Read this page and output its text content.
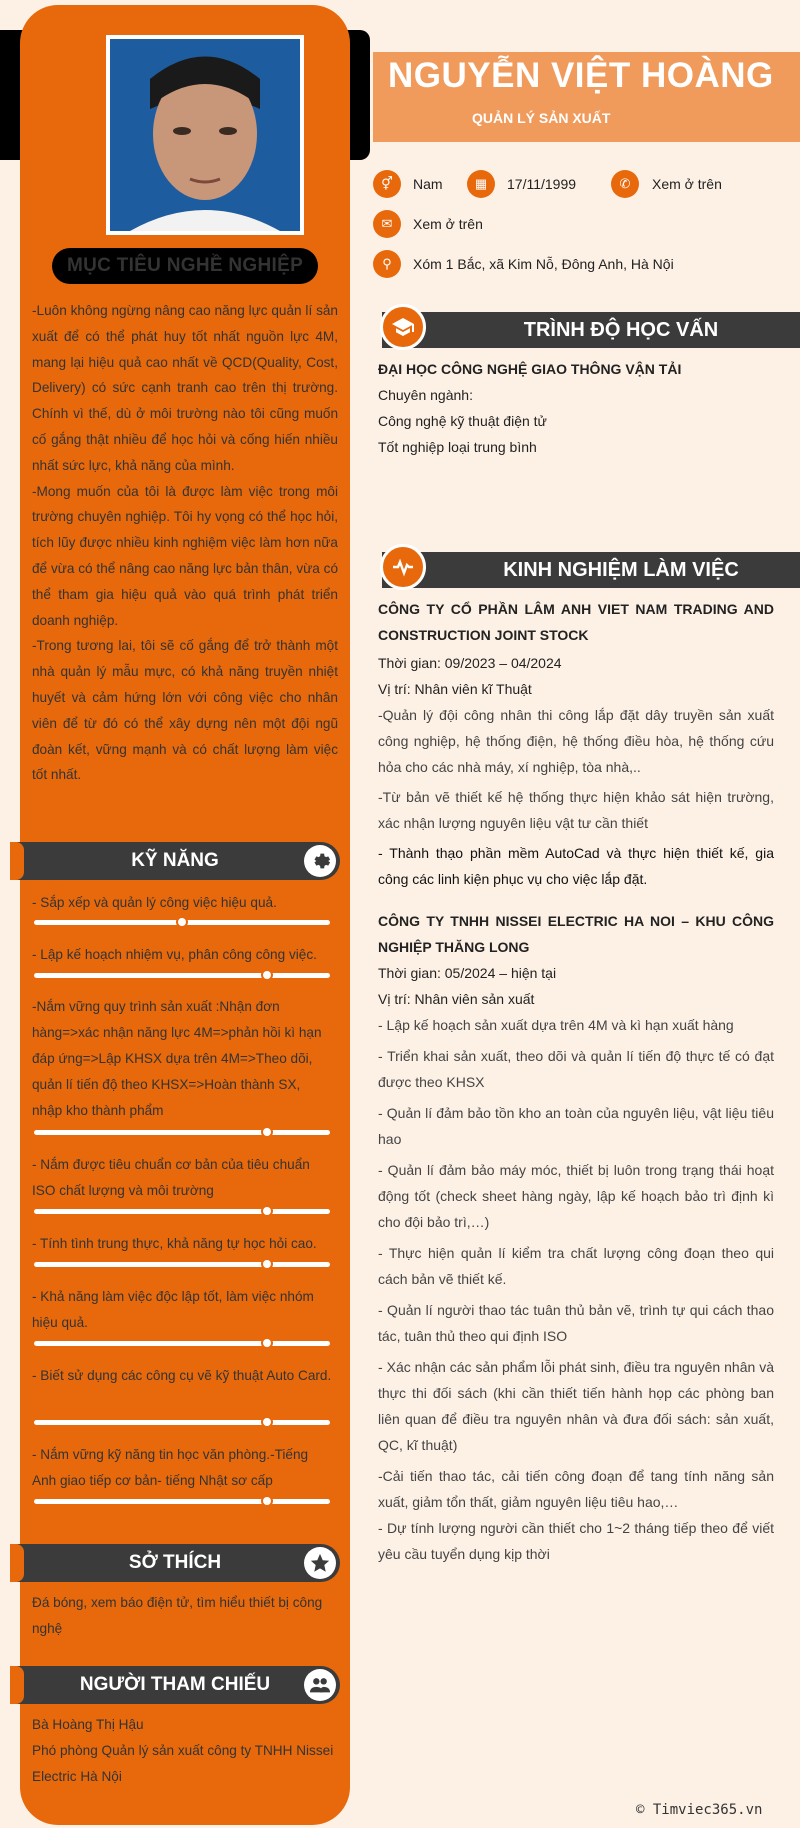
MỤC TIÊU NGHỀ NGHIỆP

-Luôn không ngừng nâng cao năng lực quản lí sản xuất để có thể phát huy tốt nhất nguồn lực 4M, mang lại hiệu quả cao nhất về QCD(Quality, Cost, Delivery) có sức cạnh tranh cao trên thị trường. Chính vì thế, dù ở môi trường nào tôi cũng muốn cố gắng thật nhiều để học hỏi và cống hiến nhiều nhất sức lực, khả năng của mình.

-Mong muốn của tôi là được làm việc trong môi trường chuyên nghiệp. Tôi hy vọng có thể học hỏi, tích lũy được nhiều kinh nghiệm việc làm hơn nữa để vừa có thể nâng cao năng lực bản thân, vừa có thể tham gia hiệu quả vào quá trình phát triển doanh nghiệp.

-Trong tương lai, tôi sẽ cố gắng để trở thành một nhà quản lý mẫu mực, có khả năng truyền nhiệt huyết và cảm hứng lớn với công việc cho nhân viên để từ đó có thể xây dựng nên một đội ngũ đoàn kết, vững mạnh và có chất lượng làm việc tốt nhất.

KỸ NĂNG
- Sắp xếp và quản lý công việc hiệu quả.
- Lập kế hoạch nhiệm vụ, phân công công việc.
-Nắm vững quy trình sản xuất :Nhận đơn hàng=>xác nhận năng lực 4M=>phản hồi kì hạn đáp ứng=>Lập KHSX dựa trên 4M=>Theo dõi, quản lí tiến độ theo KHSX=>Hoàn thành SX, nhập kho thành phẩm
- Nắm được tiêu chuẩn cơ bản của tiêu chuẩn ISO chất lượng và môi trường
- Tính tình trung thực, khả năng tự học hỏi cao.
- Khả năng làm việc độc lập tốt, làm việc nhóm hiệu quả.
- Biết sử dụng các công cụ vẽ kỹ thuật Auto Card.
- Nắm vững kỹ năng tin học văn phòng.-Tiếng Anh giao tiếp cơ bản- tiếng Nhật sơ cấp
SỞ THÍCH
Đá bóng, xem báo điện tử, tìm hiểu thiết bị công nghệ
NGƯỜI THAM CHIẾU
Bà Hoàng Thị Hậu
Phó phòng Quản lý sản xuất công ty TNHH Nissei Electric Hà Nội
NGUYỄN VIỆT HOÀNG
QUẢN LÝ SẢN XUẤT
⚥	Nam	▦	17/11/1999	✆	Xem ở trên
✉	Xem ở trên
⚲	Xóm 1 Bắc, xã Kim Nỗ, Đông Anh, Hà Nội
TRÌNH ĐỘ HỌC VẤN

ĐẠI HỌC CÔNG NGHỆ GIAO THÔNG VẬN TẢI

Chuyên ngành:

Công nghệ kỹ thuật điện tử

Tốt nghiệp loại trung bình

KINH NGHIỆM LÀM VIỆC

CÔNG TY CỔ PHẦN LÂM ANH VIET NAM TRADING AND CONSTRUCTION JOINT STOCK

Thời gian: 09/2023 – 04/2024

Vị trí: Nhân viên kĩ Thuật

-Quản lý đội công nhân thi công lắp đặt dây truyền sản xuất công nghiệp, hệ thống điện, hệ thống điều hòa, hệ thống cứu hỏa cho các nhà máy, xí nghiệp, tòa nhà,..

-Từ bản vẽ thiết kế hệ thống thực hiện khảo sát hiện trường, xác nhận lượng nguyên liệu vật tư cần thiết

- Thành thạo phần mềm AutoCad và thực hiện thiết kế, gia công các linh kiện phục vụ cho việc lắp đặt.

CÔNG TY TNHH NISSEI ELECTRIC HA NOI – KHU CÔNG NGHIỆP THĂNG LONG

Thời gian: 05/2024 – hiện tại

Vị trí: Nhân viên sản xuất

- Lập kế hoạch sản xuất dựa trên 4M và kì hạn xuất hàng

- Triển khai sản xuất, theo dõi và quản lí tiến độ thực tế có đạt được theo KHSX

- Quản lí đảm bảo tồn kho an toàn của nguyên liệu, vật liệu tiêu hao

- Quản lí đảm bảo máy móc, thiết bị luôn trong trạng thái hoạt động tốt (check sheet hàng ngày, lập kế hoạch bảo trì định kì cho đội bảo trì,…)

- Thực hiện quản lí kiểm tra chất lượng công đoạn theo qui cách bản vẽ thiết kế.

- Quản lí người thao tác tuân thủ bản vẽ, trình tự qui cách thao tác, tuân thủ theo qui định ISO

- Xác nhận các sản phẩm lỗi phát sinh, điều tra nguyên nhân và thực thi đối sách (khi cần thiết tiến hành họp các phòng ban liên quan để điều tra nguyên nhân và đưa đối sách: sản xuất, QC, kĩ thuật)

-Cải tiến thao tác, cải tiến công đoạn để tang tính năng sản xuất, giảm tổn thất, giảm nguyên liệu tiêu hao,…

- Dự tính lượng người cần thiết cho 1~2 tháng tiếp theo để viết yêu cầu tuyển dụng kịp thời

© Timviec365.vn
